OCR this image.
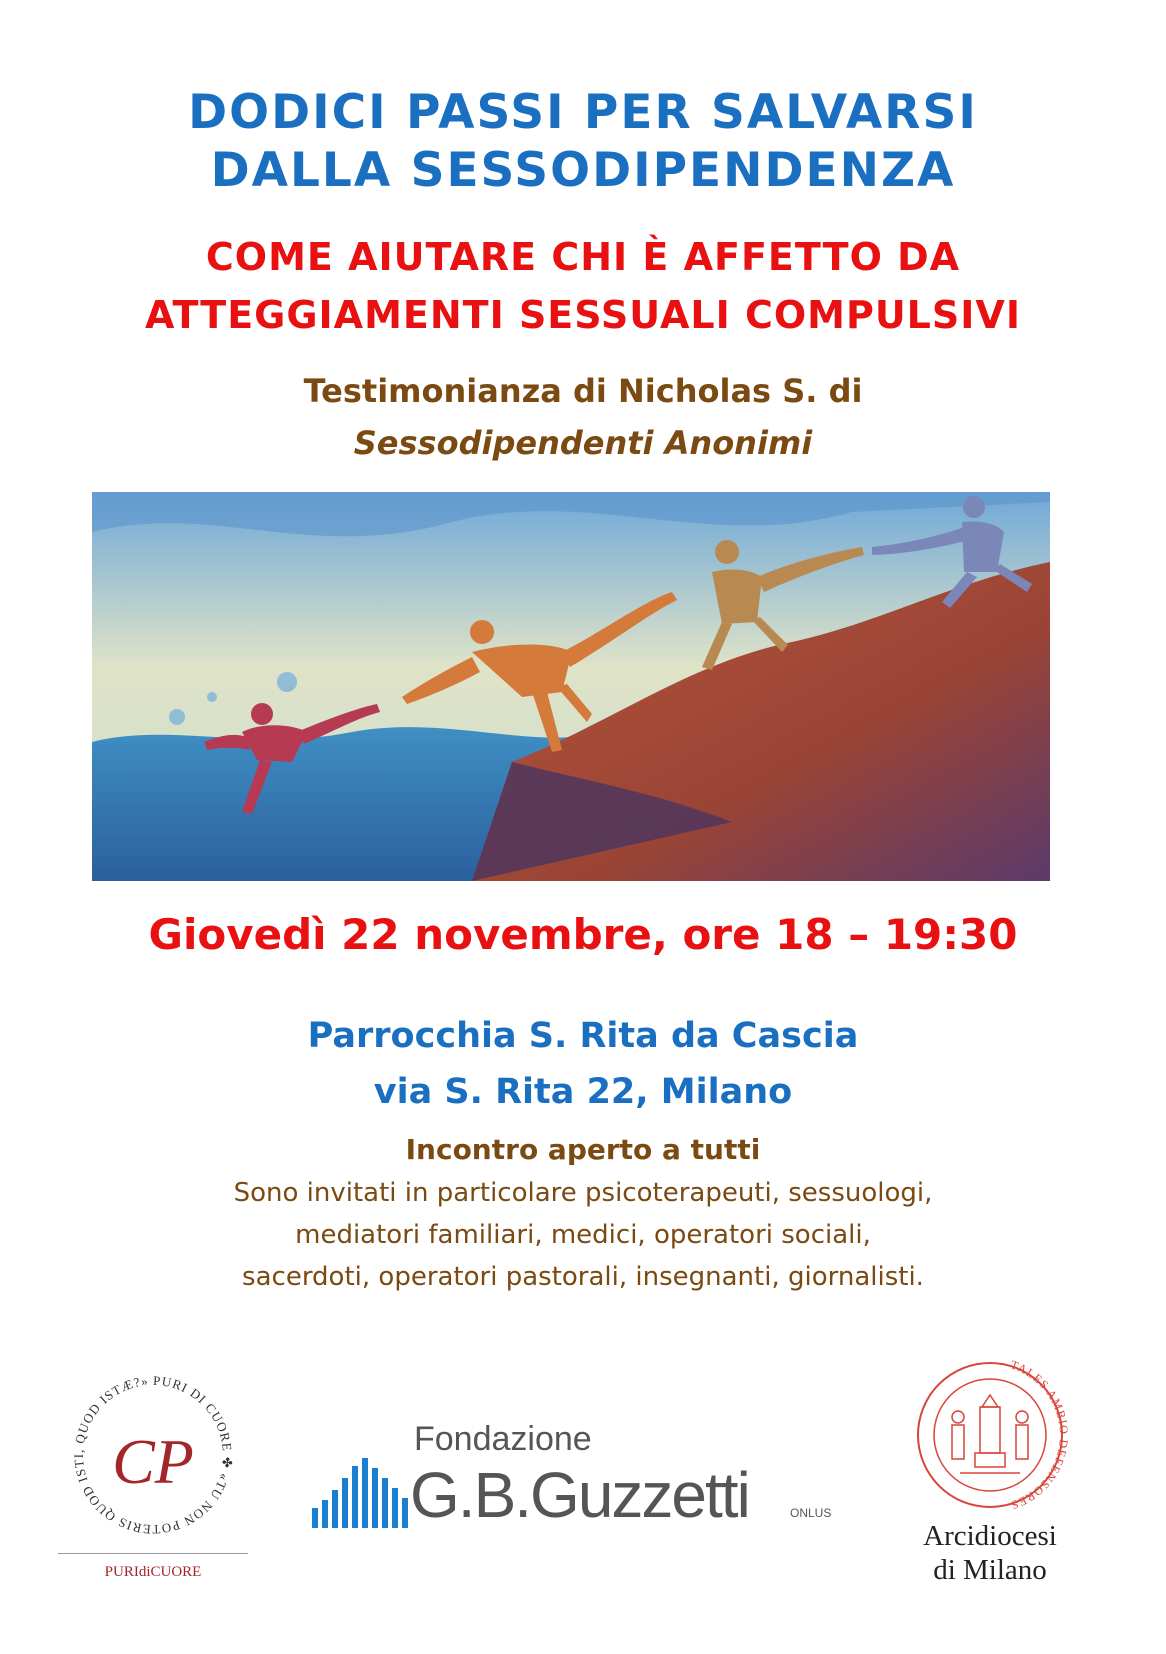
DODICI PASSI PER SALVARSI
DALLA SESSODIPENDENZA
COME AIUTARE CHI È AFFETTO DA
ATTEGGIAMENTI SESSUALI COMPULSIVI
Testimonianza di Nicholas S. di
Sessodipendenti Anonimi
Giovedì 22 novembre, ore 18 – 19:30
Parrocchia S. Rita da Cascia
via S. Rita 22, Milano
Incontro aperto a tutti
Sono invitati in particolare psicoterapeuti, sessuologi,
mediatori familiari, medici, operatori sociali,
sacerdoti, operatori pastorali, insegnanti, giornalisti.
PURI DI CUORE ✤ «TU NON POTERIS QUOD ISTI, QUOD ISTÆ?»
CP
PURIdiCUORE
Fondazione
G.B.Guzzetti	ONLUS
TALES AMBIO DEFENSORES
Arcidiocesi
di Milano
